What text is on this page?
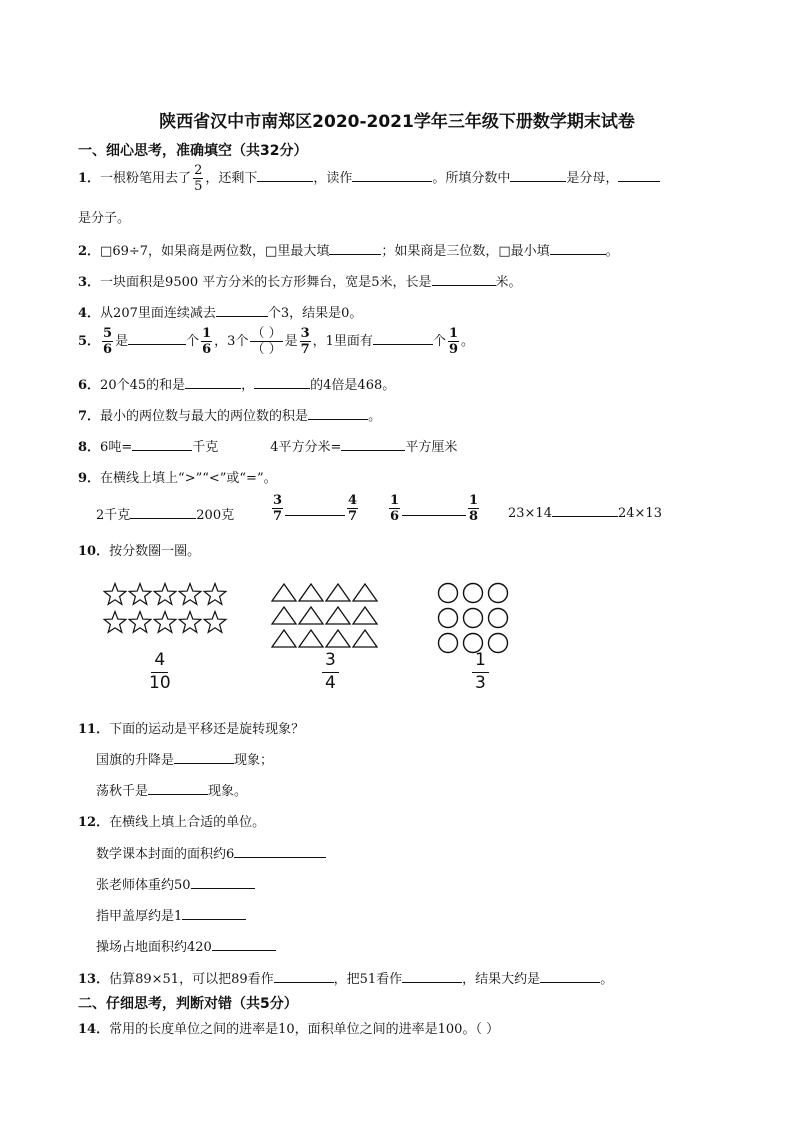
陕西省汉中市南郑区2020-2021学年三年级下册数学期末试卷
一、细心思考，准确填空（共32分）
1．一根粉笔用去了 $\frac{2}{5}$ ，还剩下	，读作	。所填分数中	是分母，
是分子。
2．□69÷7，如果商是两位数，□里最大填	；如果商是三位数，□最小填	。
3．一块面积是9500 平方分米的长方形舞台，宽是5米，长是	米。
4．从207里面连续减去	个3，结果是0。
5． $\frac{5}{6}$ 是	个 $\frac{1}{6}$ ，3个 $\frac{( )}{( )}$ 是 $\frac{3}{7}$ ，1里面有	个 $\frac{1}{9}$ 。
6．20个45的和是	，	的4倍是468。
7．最小的两位数与最大的两位数的积是	。
8．6吨=	千克	4平方分米=	平方厘米
9．在横线上填上“>”“<”或“=”。
2千克	200克	$\frac{3}{7}$	$\frac{4}{7} \frac{1}{6}$	$\frac{1}{8} 23\times 14$	24×13
10．按分数圈一圈。
$\frac{4}{10}$	$\frac{3}{4}$	$\frac{1}{3}$
11．下面的运动是平移还是旋转现象？
国旗的升降是	现象；
荡秋千是	现象。
12．在横线上填上合适的单位。
数学课本封面的面积约6
张老师体重约50
指甲盖厚约是1
操场占地面积约420
13．估算89×51，可以把89看作	，把51看作	，结果大约是	。
二、仔细思考，判断对错（共5分）
14．常用的长度单位之间的进率是10，面积单位之间的进率是100。（ ）
